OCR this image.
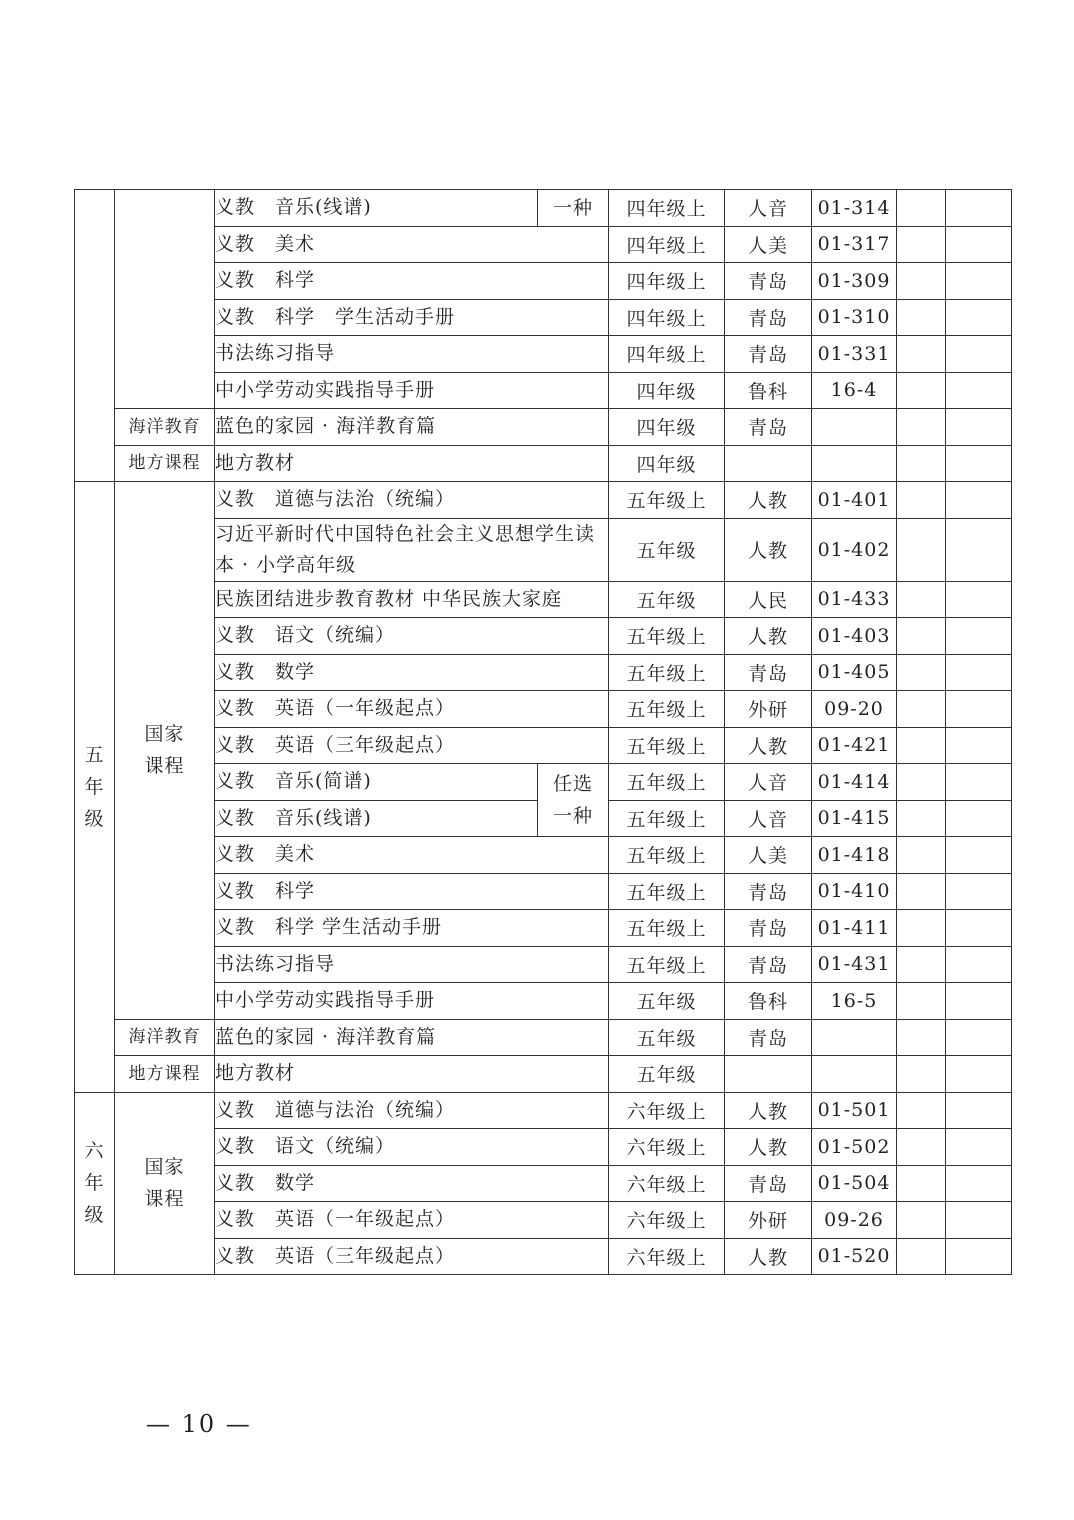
		义教　音乐(线谱)	一种	四年级上	人音	01-314		
		义教　美术		四年级上	人美	01-317		
		义教　科学		四年级上	青岛	01-309		
		义教　科学　学生活动手册		四年级上	青岛	01-310		
		书法练习指导		四年级上	青岛	01-331		
		中小学劳动实践指导手册		四年级	鲁科	16-4		
	海洋教育	蓝色的家园 · 海洋教育篇		四年级	青岛			
	地方课程	地方教材		四年级				
五年级	国家课程	义教　道德与法治（统编）		五年级上	人教	01-401		
		习近平新时代中国特色社会主义思想学生读本 · 小学高年级		五年级	人教	01-402		
		民族团结进步教育教材 中华民族大家庭		五年级	人民	01-433		
		义教　语文（统编）		五年级上	人教	01-403		
		义教　数学		五年级上	青岛	01-405		
		义教　英语（一年级起点）		五年级上	外研	09-20		
		义教　英语（三年级起点）		五年级上	人教	01-421		
		义教　音乐(简谱)	任选一种	五年级上	人音	01-414		
		义教　音乐(线谱)		五年级上	人音	01-415		
		义教　美术		五年级上	人美	01-418		
		义教　科学		五年级上	青岛	01-410		
		义教　科学 学生活动手册		五年级上	青岛	01-411		
		书法练习指导		五年级上	青岛	01-431		
		中小学劳动实践指导手册		五年级	鲁科	16-5		
	海洋教育	蓝色的家园 · 海洋教育篇		五年级	青岛			
	地方课程	地方教材		五年级				
六年级	国家课程	义教　道德与法治（统编）		六年级上	人教	01-501		
		义教　语文（统编）		六年级上	人教	01-502		
		义教　数学		六年级上	青岛	01-504		
		义教　英语（一年级起点）		六年级上	外研	09-26		
		义教　英语（三年级起点）		六年级上	人教	01-520		
— 10 —
